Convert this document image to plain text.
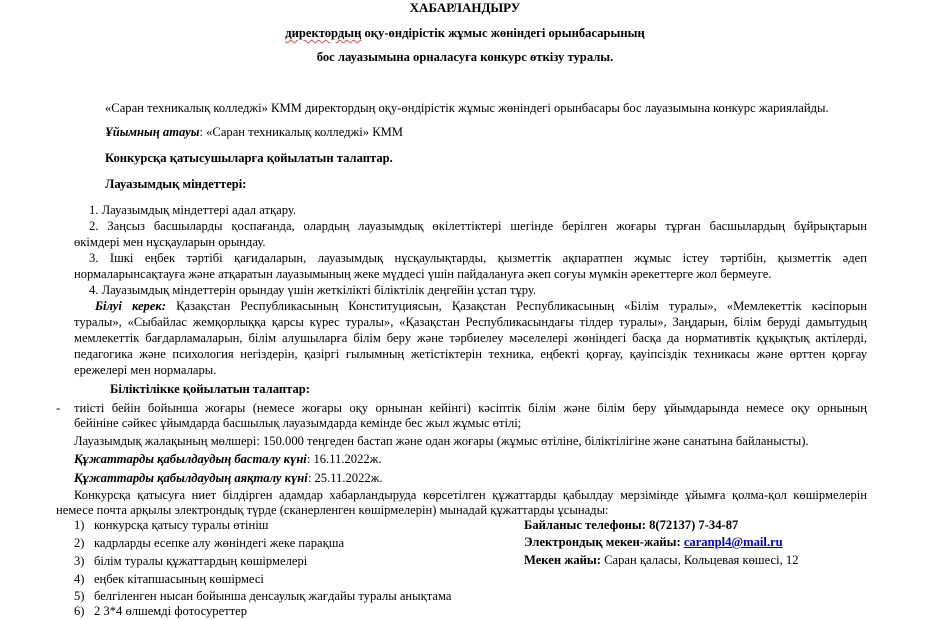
ХАБАРЛАНДЫРУ
директордың оқу-өндірістік жұмыс жөніндегі орынбасарының
бос лауазымына орналасуға конкурс өткізу туралы.
«Саран техникалық колледжі» КММ директордың оқу-өндірістік жұмыс жөніндегі орынбасары бос лауазымына конкурс жариялайды.
Ұйымның атауы: «Саран техникалық колледжі» КММ
Конкурсқа қатысушыларға қойылатын талаптар.
Лауазымдық міндеттері:
1. Лауазымдық міндеттері адал атқару.
2. Заңсыз басшыларды қоспағанда, олардың лауазымдық өкілеттіктері шегінде берілген жоғары тұрған басшылардың бұйрықтарын
өкімдері мен нұсқауларын орындау.
3. Ішкі еңбек тәртібі қағидаларын, лауазымдық нұсқаулықтарды, қызметтік ақпаратпен жұмыс істеу тәртібін, қызметтік әдеп
нормаларынсақтауға және атқаратын лауазымының жеке мүддесі үшін пайдалануға әкеп соғуы мүмкін әрекеттерге жол бермеуге.
4. Лауазымдық міндеттерін орындау үшін жеткілікті біліктілік деңгейін ұстап тұру.
Білуі керек: Қазақстан Республикасының Конституциясын, Қазақстан Республикасының «Білім туралы», «Мемлекеттік кәсіпорын
туралы», «Сыбайлас жемқорлыққа қарсы күрес туралы», «Қазақстан Республикасындағы тілдер туралы», Заңдарын, білім беруді дамытудың
мемлекеттік бағдарламаларын, білім алушыларға білім беру және тәрбиелеу мәселелері жөніндегі басқа да нормативтік құқықтық актілерді,
педагогика және психология негіздерін, қазіргі ғылымның жетістіктерін техника, еңбекті қорғау, қауіпсіздік техникасы және өрттен қорғау
ережелері мен нормалары.
Біліктілікке қойылатын талаптар:
- тиісті бейін бойынша жоғары (немесе жоғары оқу орнынан кейінгі) кәсіптік білім және білім беру ұйымдарында немесе оқу орнының
бейініне сәйкес ұйымдарда басшылық лауазымдарда кемінде бес жыл жұмыс өтілі;
Лауазымдық жалақының мөлшері: 150.000 теңгеден бастап және одан жоғары (жұмыс өтіліне, біліктілігіне және санатына байланысты).
Құжаттарды қабылдаудың басталу күні: 16.11.2022ж.
Құжаттарды қабылдаудың аяқталу күні: 25.11.2022ж.
Конкурсқа қатысуға ниет білдірген адамдар хабарландыруда көрсетілген құжаттарды қабылдау мерзімінде ұйымға қолма-қол көшірмелерін
немесе почта арқылы электрондық түрде (сканерленген көшірмелерін) мынадай құжаттарды ұсынады:
1) конкурсқа қатысу туралы өтініш
2) кадрларды есепке алу жөніндегі жеке парақша
3) білім туралы құжаттардың көшірмелері
4) еңбек кітапшасының көшірмесі
5) белгіленген нысан бойынша денсаулық жағдайы туралы анықтама
6) 2 3*4 өлшемді фотосуреттер
Байланыс телефоны: 8(72137) 7-34-87
Электрондық мекен-жайы: caranpl4@mail.ru
Мекен жайы: Саран қаласы, Кольцевая көшесі, 12
